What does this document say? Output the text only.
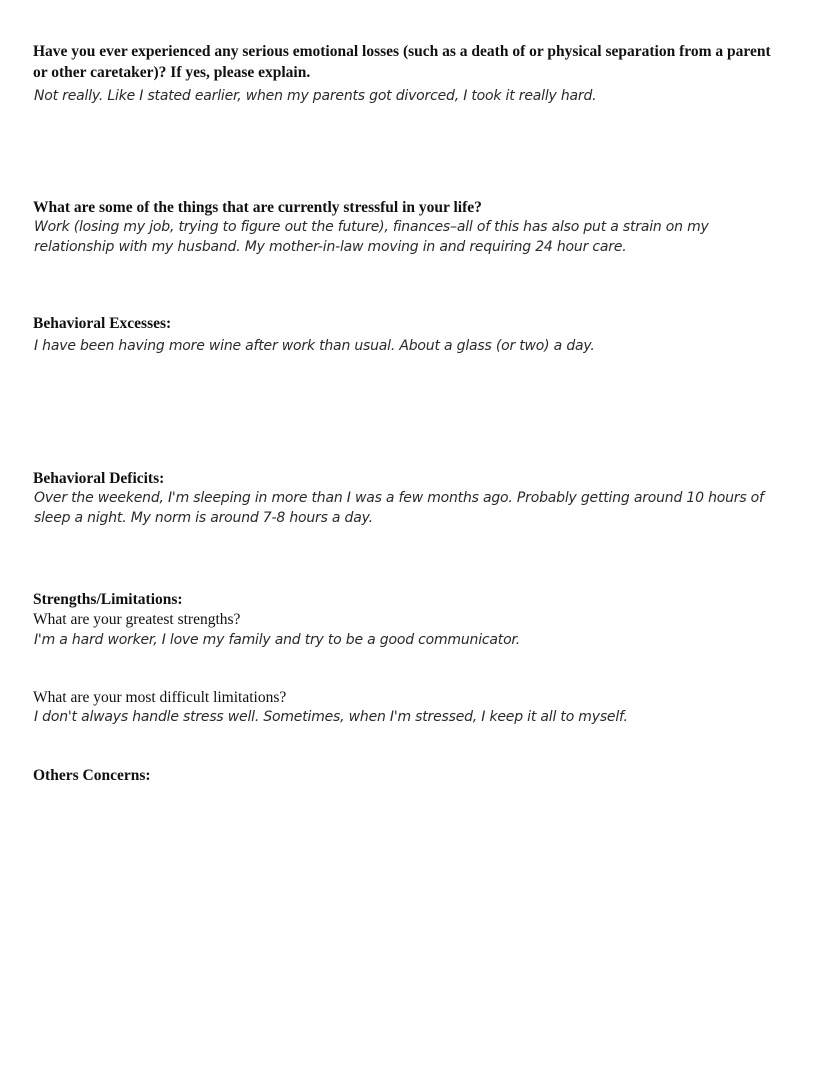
Have you ever experienced any serious emotional losses (such as a death of or physical separation from a parent or other caretaker)? If yes, please explain.

Not really. Like I stated earlier, when my parents got divorced, I took it really hard.

What are some of the things that are currently stressful in your life?

Work (losing my job, trying to figure out the future), finances–all of this has also put a strain on my relationship with my husband. My mother-in-law moving in and requiring 24 hour care.

Behavioral Excesses:

I have been having more wine after work than usual. About a glass (or two) a day.

Behavioral Deficits:

Over the weekend, I'm sleeping in more than I was a few months ago. Probably getting around 10 hours of sleep a night. My norm is around 7-8 hours a day.

Strengths/Limitations:

What are your greatest strengths?

I'm a hard worker, I love my family and try to be a good communicator.

What are your most difficult limitations?

I don't always handle stress well. Sometimes, when I'm stressed, I keep it all to myself.

Others Concerns:
